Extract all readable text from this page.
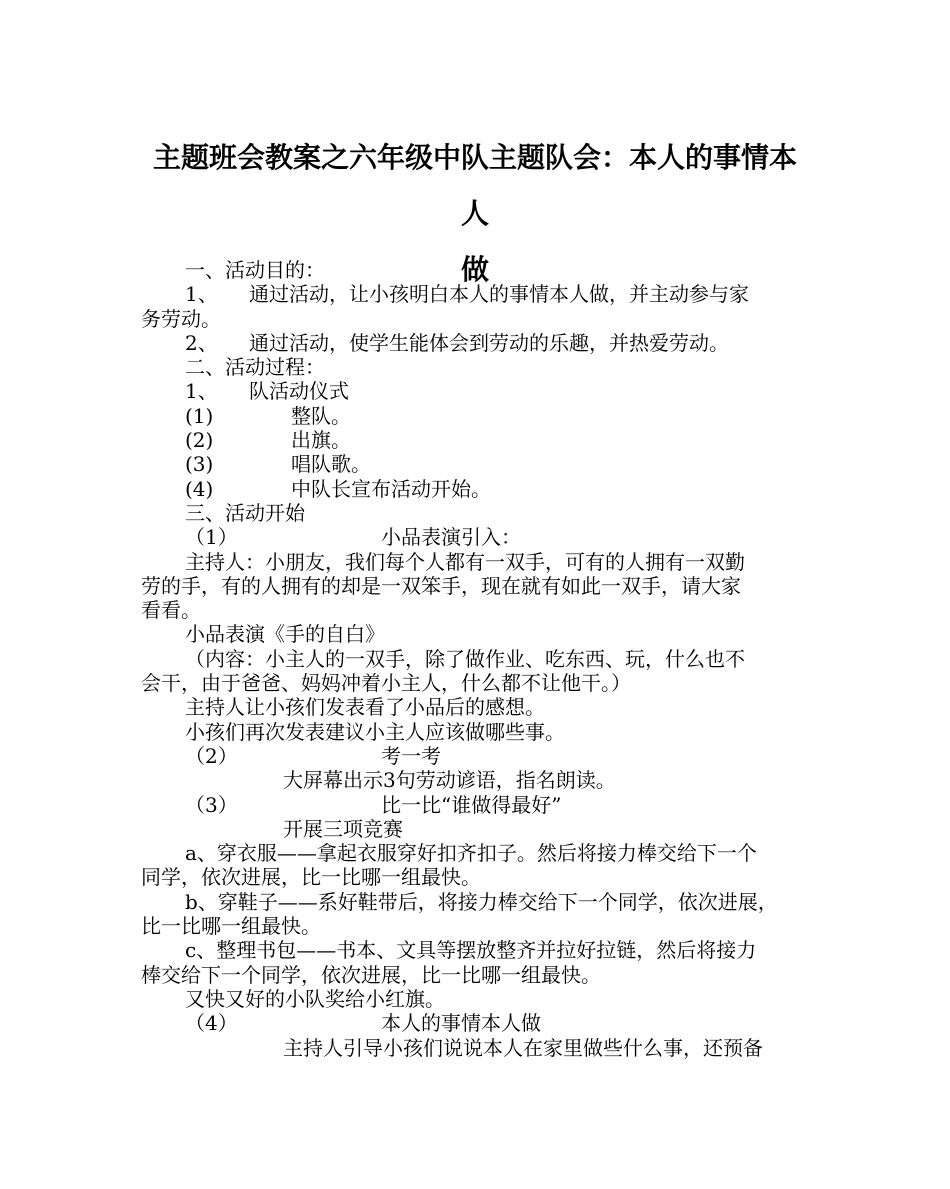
主题班会教案之六年级中队主题队会：本人的事情本人
做
一、活动目的：
1、 通过活动，让小孩明白本人的事情本人做，并主动参与家
务劳动。
2、 通过活动，使学生能体会到劳动的乐趣，并热爱劳动。
二、活动过程：
1、 队活动仪式
(1)	整队。
(2)	出旗。
(3)	唱队歌。
(4)	中队长宣布活动开始。
三、活动开始
（1）	小品表演引入：
主持人：小朋友，我们每个人都有一双手，可有的人拥有一双勤
劳的手，有的人拥有的却是一双笨手，现在就有如此一双手，请大家
看看。
小品表演《手的自白》
（内容：小主人的一双手，除了做作业、吃东西、玩，什么也不
会干，由于爸爸、妈妈冲着小主人，什么都不让他干。）
主持人让小孩们发表看了小品后的感想。
小孩们再次发表建议小主人应该做哪些事。
（2）	考一考
大屏幕出示3句劳动谚语，指名朗读。
（3）	比一比“谁做得最好”
开展三项竞赛
a、穿衣服——拿起衣服穿好扣齐扣子。然后将接力棒交给下一个
同学，依次进展，比一比哪一组最快。
b、穿鞋子——系好鞋带后，将接力棒交给下一个同学，依次进展，
比一比哪一组最快。
c、整理书包——书本、文具等摆放整齐并拉好拉链，然后将接力
棒交给下一个同学，依次进展，比一比哪一组最快。
又快又好的小队奖给小红旗。
（4）	本人的事情本人做
主持人引导小孩们说说本人在家里做些什么事，还预备
